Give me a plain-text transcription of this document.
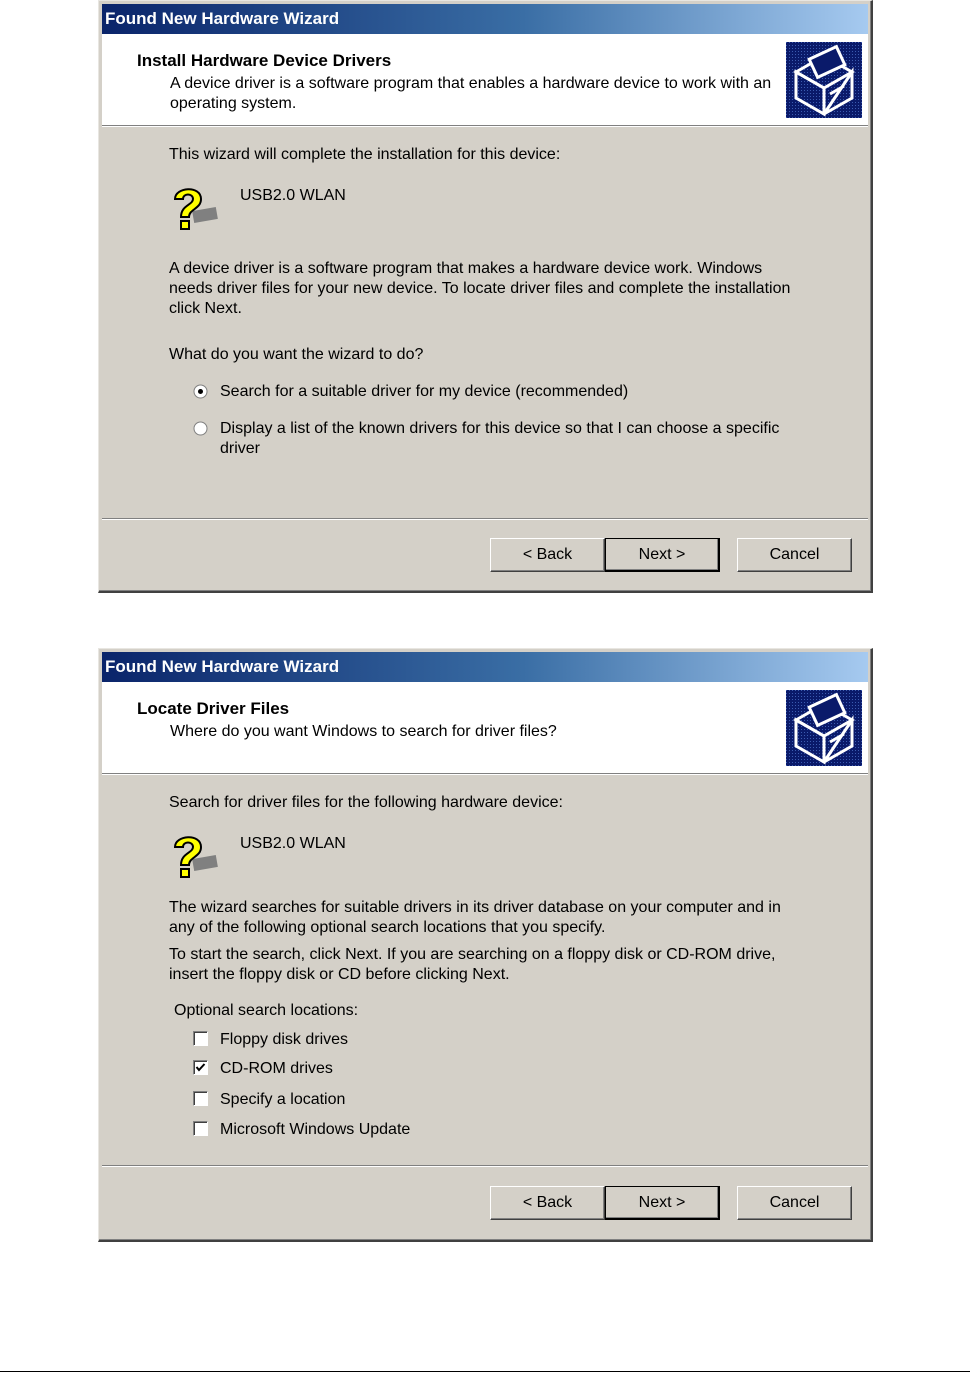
Found New Hardware Wizard
Install Hardware Device Drivers
A device driver is a software program that enables a hardware device to work with an operating system.
This wizard will complete the installation for this device:
USB2.0 WLAN
A device driver is a software program that makes a hardware device work. Windows needs driver files for your new device. To locate driver files and complete the installation click Next.
What do you want the wizard to do?
Search for a suitable driver for my device (recommended)
Display a list of the known drivers for this device so that I can choose a specific driver
< Back	Next >	Cancel
Found New Hardware Wizard
Locate Driver Files
Where do you want Windows to search for driver files?
Search for driver files for the following hardware device:
USB2.0 WLAN
The wizard searches for suitable drivers in its driver database on your computer and in any of the following optional search locations that you specify.
To start the search, click Next. If you are searching on a floppy disk or CD-ROM drive, insert the floppy disk or CD before clicking Next.
Optional search locations:
Floppy disk drives
CD-ROM drives
Specify a location
Microsoft Windows Update
< Back	Next >	Cancel
